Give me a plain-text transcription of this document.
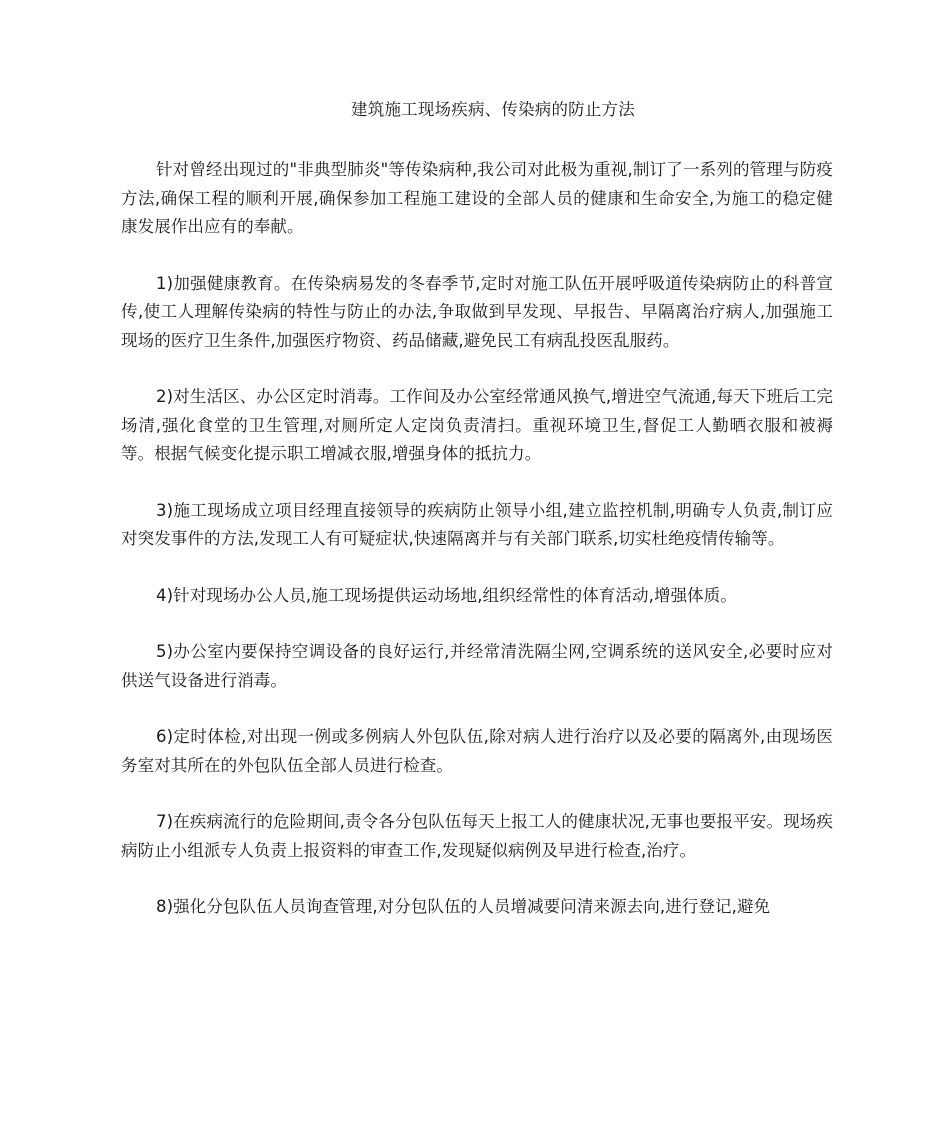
建筑施工现场疾病、传染病的防止方法

针对曾经出现过的"非典型肺炎"等传染病种,我公司对此极为重视,制订了一系列的管理与防疫方法,确保工程的顺利开展,确保参加工程施工建设的全部人员的健康和生命安全,为施工的稳定健康发展作出应有的奉献。

1)加强健康教育。在传染病易发的冬春季节,定时对施工队伍开展呼吸道传染病防止的科普宣传,使工人理解传染病的特性与防止的办法,争取做到早发现、早报告、早隔离治疗病人,加强施工现场的医疗卫生条件,加强医疗物资、药品储藏,避免民工有病乱投医乱服药。

2)对生活区、办公区定时消毒。工作间及办公室经常通风换气,增进空气流通,每天下班后工完场清,强化食堂的卫生管理,对厕所定人定岗负责清扫。重视环境卫生,督促工人勤晒衣服和被褥等。根据气候变化提示职工增减衣服,增强身体的抵抗力。

3)施工现场成立项目经理直接领导的疾病防止领导小组,建立监控机制,明确专人负责,制订应对突发事件的方法,发现工人有可疑症状,快速隔离并与有关部门联系,切实杜绝疫情传输等。

4)针对现场办公人员,施工现场提供运动场地,组织经常性的体育活动,增强体质。

5)办公室内要保持空调设备的良好运行,并经常清洗隔尘网,空调系统的送风安全,必要时应对供送气设备进行消毒。

6)定时体检,对出现一例或多例病人外包队伍,除对病人进行治疗以及必要的隔离外,由现场医务室对其所在的外包队伍全部人员进行检查。

7)在疾病流行的危险期间,责令各分包队伍每天上报工人的健康状况,无事也要报平安。现场疾病防止小组派专人负责上报资料的审查工作,发现疑似病例及早进行检查,治疗。

8)强化分包队伍人员询查管理,对分包队伍的人员增减要问清来源去向,进行登记,避免
